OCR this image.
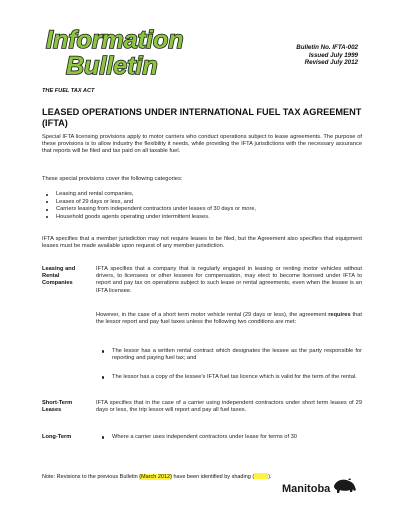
Information
Bulletin
Bulletin No. IFTA-002
Issued July 1999
Revised July 2012
THE FUEL TAX ACT
LEASED OPERATIONS UNDER INTERNATIONAL FUEL TAX AGREEMENT (IFTA)
Special IFTA licensing provisions apply to motor carriers who conduct operations subject to lease agreements. The purpose of these provisions is to allow industry the flexibility it needs, while providing the IFTA jurisdictions with the necessary assurance that reports will be filed and tax paid on all taxable fuel.
These special provisions cover the following categories:
Leasing and rental companies,
Leases of 29 days or less, and
Carriers leasing from independent contractors under leases of 30 days or more,
Household goods agents operating under intermittent leases.
IFTA specifies that a member jurisdiction may not require leases to be filed, but the Agreement also specifies that equipment leases must be made available upon request of any member jurisdiction.
Leasing and Rental Companies
IFTA specifies that a company that is regularly engaged in leasing or renting motor vehicles without drivers, to licensees or other lessees for compensation, may elect to become licensed under IFTA to report and pay tax on operations subject to such lease or rental agreements, even when the lessee is an IFTA licensee.
However, in the case of a short term motor vehicle rental (29 days or less), the agreement requires that the lessor report and pay fuel taxes unless the following two conditions are met:
The lessor has a written rental contract which designates the lessee as the party responsible for reporting and paying fuel tax; and
The lessor has a copy of the lessee's IFTA fuel tax licence which is valid for the term of the rental.
Short-Term Leases
IFTA specifies that in the case of a carrier using independent contractors under short term leases of 29 days or less, the trip lessor will report and pay all fuel taxes.
Long-Term	Where a carrier uses independent contractors under lease for terms of 30
Note: Revisions to the previous Bulletin (March 2012) have been identified by shading (	).
Manitoba
